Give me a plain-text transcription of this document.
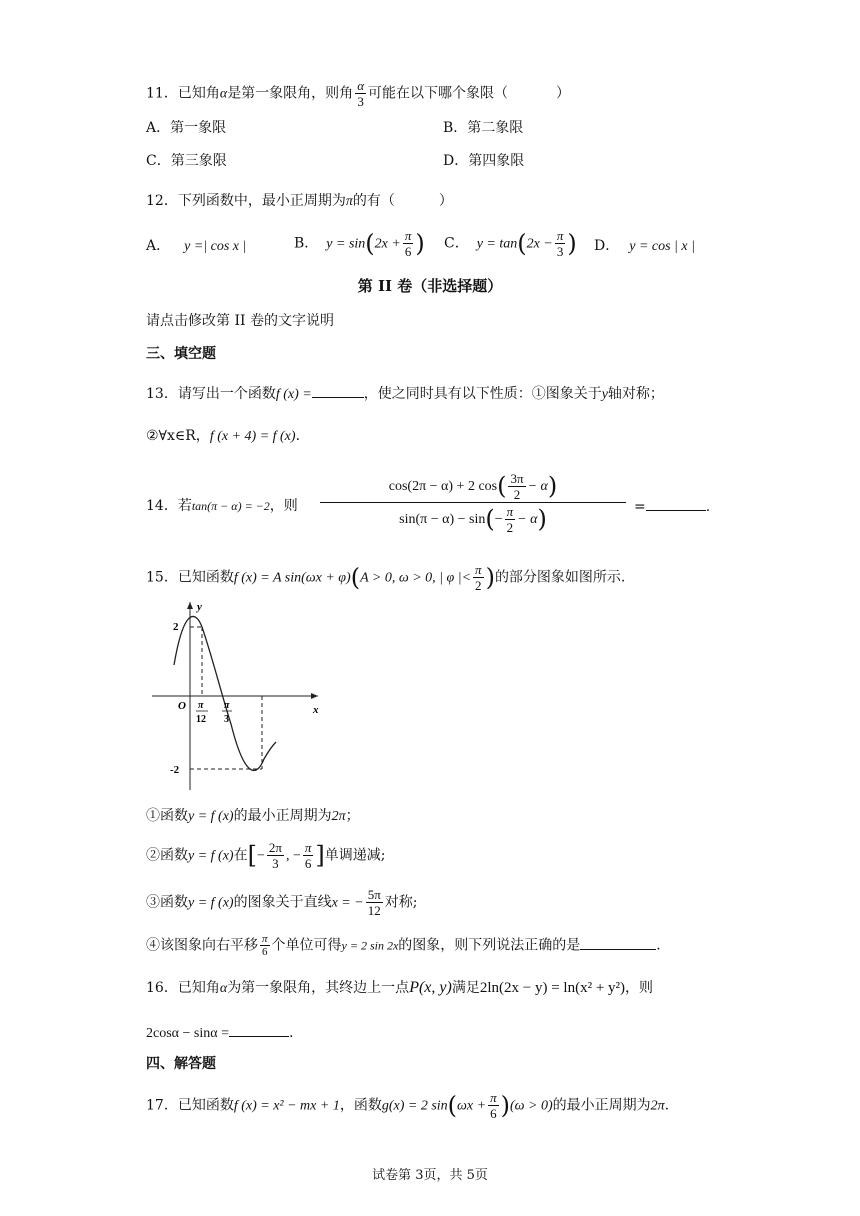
11．已知角α是第一象限角，则角 $\frac{\alpha}{3}$ 可能在以下哪个象限（	）
A．第一象限	B．第二象限
C．第三象限	D．第四象限
12．下列函数中，最小正周期为π的有（	）
A． y =| cos x |	B． $y = \sin(2x + \frac{\pi}{6}$ ) C． $y = \tan(2x - \frac{\pi}{3}$ ) D． y = cos | x |
第 II 卷（非选择题）
请点击修改第 II 卷的文字说明
三、填空题
13．请写出一个函数f (x) =	，使之同时具有以下性质：①图象关于y轴对称；
②∀x∈R，f (x + 4) = f (x).
14．若tan(π − α) = −2，则
cos(2π − α) + 2 $\cos( \frac{3\pi}{2} - \alpha)$
$\sin(\pi - \alpha) - \sin(- \frac{\pi}{2} - \alpha)$	=	.
15．已知函数f (x) = A sin(ωx + φ)(A > 0, ω > 0, | φ |< $\frac{\pi}{2}$ )的部分图象如图所示.
y
x
O
2
-2
π
12
π
3
①函数y = f (x)的最小正周期为2π；
②函数y = f (x)在[− $\frac{2\pi}{3}$ , − $\frac{\pi}{6}$ ]单调递减;
③函数y = f (x)的图象关于直线x = − $\frac{5\pi}{12}$ 对称;
④该图象向右平移 $\frac{\pi}{6}$ 个单位可得y = 2 sin 2x的图象，则下列说法正确的是	.
16．已知角α为第一象限角，其终边上一点P(x, y)满足2ln(2x − y) = ln(x² + y²)，则
2cosα − sinα =	.
四、解答题
17．已知函数f (x) = x² − mx + 1，函数g(x) = 2 $\sin(\omega x + \frac{\pi}{6} )(\omega > 0)$的最小正周期为2π.
试卷第 3页，共 5页
